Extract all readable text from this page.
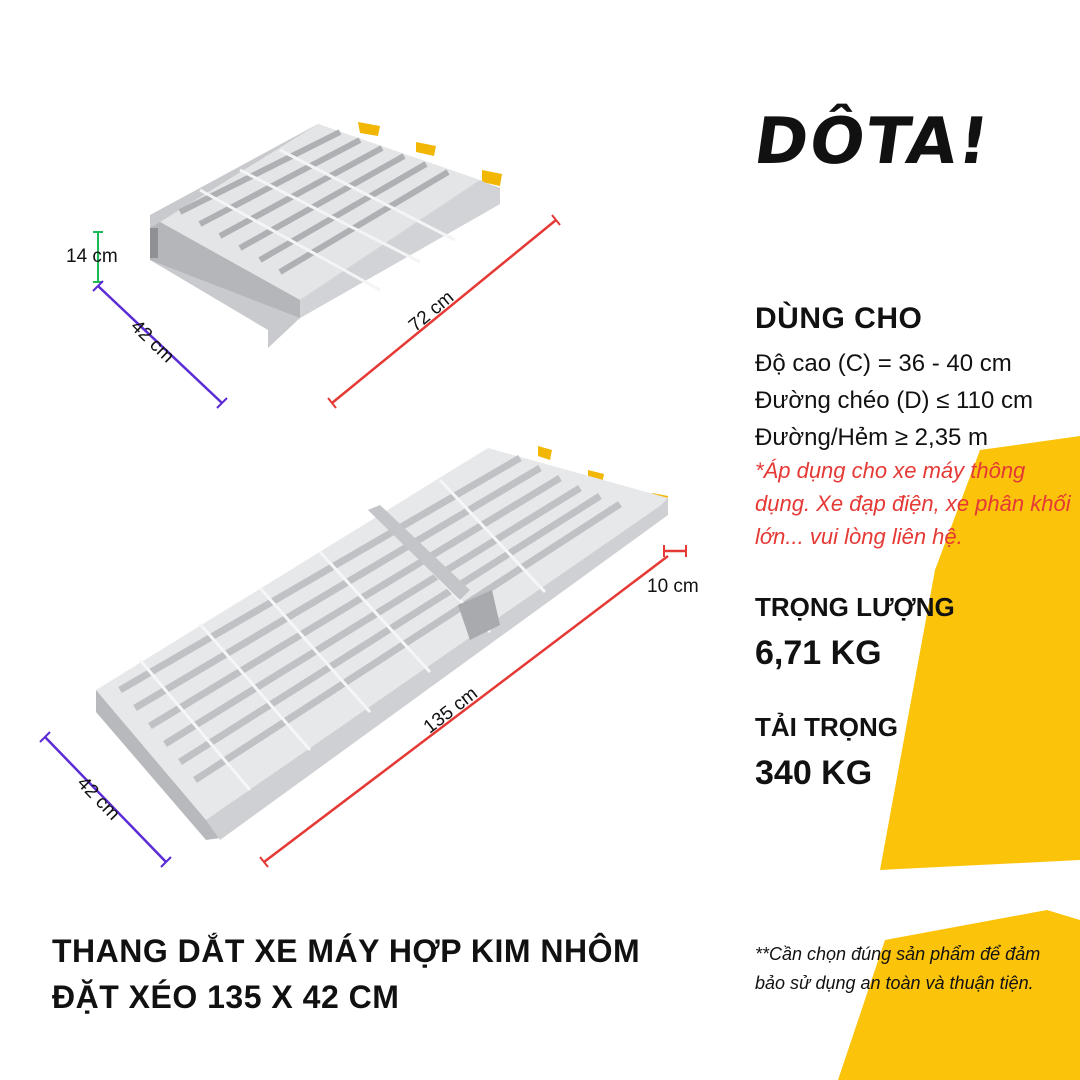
14 cm
42 cm
72 cm
10 cm
135 cm
42 cm
DÔTA!
DÙNG CHO
Độ cao (C) = 36 - 40 cm
Đường chéo (D) ≤ 110 cm
Đường/Hẻm ≥ 2,35 m
*Áp dụng cho xe máy thông dụng. Xe đạp điện, xe phân khối lớn... vui lòng liên hệ.
TRỌNG LƯỢNG
6,71 KG
TẢI TRỌNG
340 KG
THANG DẮT XE MÁY HỢP KIM NHÔM
ĐẶT XÉO 135 X 42 CM
**Cần chọn đúng sản phẩm để đảm bảo sử dụng an toàn và thuận tiện.
